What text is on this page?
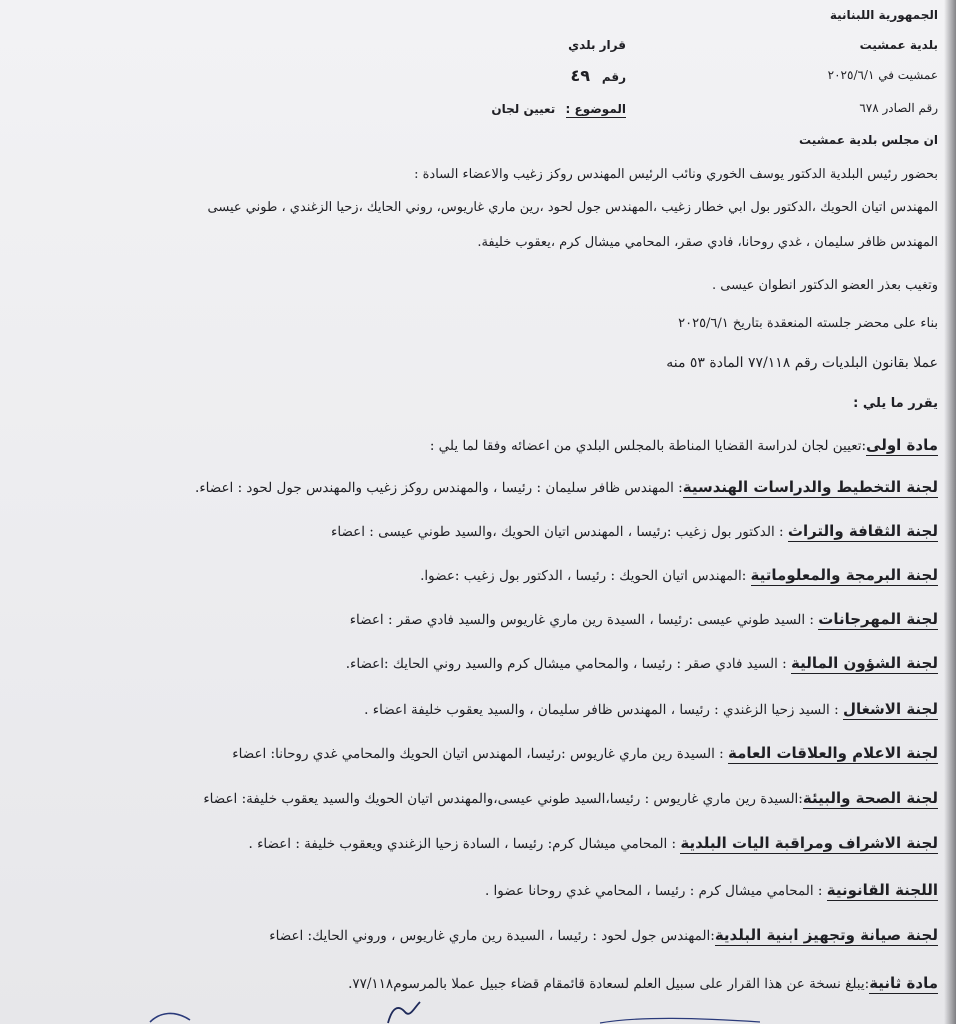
الجمهورية اللبنانية
بلدية عمشيت
عمشيت في ٢٠٢٥/٦/١
رقم الصادر ٦٧٨
ان مجلس بلدية عمشيت
قرار بلدي
رقم ٤٩
الموضوع : تعيين لجان
بحضور رئيس البلدية الدكتور يوسف الخوري ونائب الرئيس المهندس روكز زغيب والاعضاء السادة :
المهندس اتيان الحويك ،الدكتور بول ابي خطار زغيب ،المهندس جول لحود ،رين ماري غاريوس، روني الحايك ،زحيا الزغندي ، طوني عيسى
المهندس ظافر سليمان ، غدي روحانا، فادي صقر، المحامي ميشال كرم ،يعقوب خليفة.
وتغيب بعذر العضو الدكتور انطوان عيسى .
بناء على محضر جلسته المنعقدة بتاريخ ٢٠٢٥/٦/١
عملا بقانون البلديات رقم ٧٧/١١٨ المادة ٥٣ منه
يقرر ما يلي :
مادة اولى:تعيين لجان لدراسة القضايا المناطة بالمجلس البلدي من اعضائه وفقا لما يلي :
لجنة التخطيط والدراسات الهندسية: المهندس ظافر سليمان : رئيسا ، والمهندس روكز زغيب والمهندس جول لحود : اعضاء.
لجنة الثقافة والتراث : الدكتور بول زغيب :رئيسا ، المهندس اتيان الحويك ،والسيد طوني عيسى : اعضاء
لجنة البرمجة والمعلوماتية :المهندس اتيان الحويك : رئيسا ، الدكتور بول زغيب :عضوا.
لجنة المهرجانات : السيد طوني عيسى :رئيسا ، السيدة رين ماري غاريوس والسيد فادي صقر : اعضاء
لجنة الشؤون المالية : السيد فادي صقر : رئيسا ، والمحامي ميشال كرم والسيد روني الحايك :اعضاء.
لجنة الاشغال : السيد زحيا الزغندي : رئيسا ، المهندس ظافر سليمان ، والسيد يعقوب خليفة اعضاء .
لجنة الاعلام والعلاقات العامة : السيدة رين ماري غاريوس :رئيسا، المهندس اتيان الحويك والمحامي غدي روحانا: اعضاء
لجنة الصحة والبيئة:السيدة رين ماري غاريوس : رئيسا،السيد طوني عيسى،والمهندس اتيان الحويك والسيد يعقوب خليفة: اعضاء
لجنة الاشراف ومراقبة اليات البلدية : المحامي ميشال كرم: رئيسا ، السادة زحيا الزغندي ويعقوب خليفة : اعضاء .
اللجنة القانونية : المحامي ميشال كرم : رئيسا ، المحامي غدي روحانا عضوا .
لجنة صيانة وتجهيز ابنية البلدية:المهندس جول لحود : رئيسا ، السيدة رين ماري غاريوس ، وروني الحايك: اعضاء
مادة ثانية:يبلغ نسخة عن هذا القرار على سبيل العلم لسعادة قائمقام قضاء جبيل عملا بالمرسوم٧٧/١١٨.
